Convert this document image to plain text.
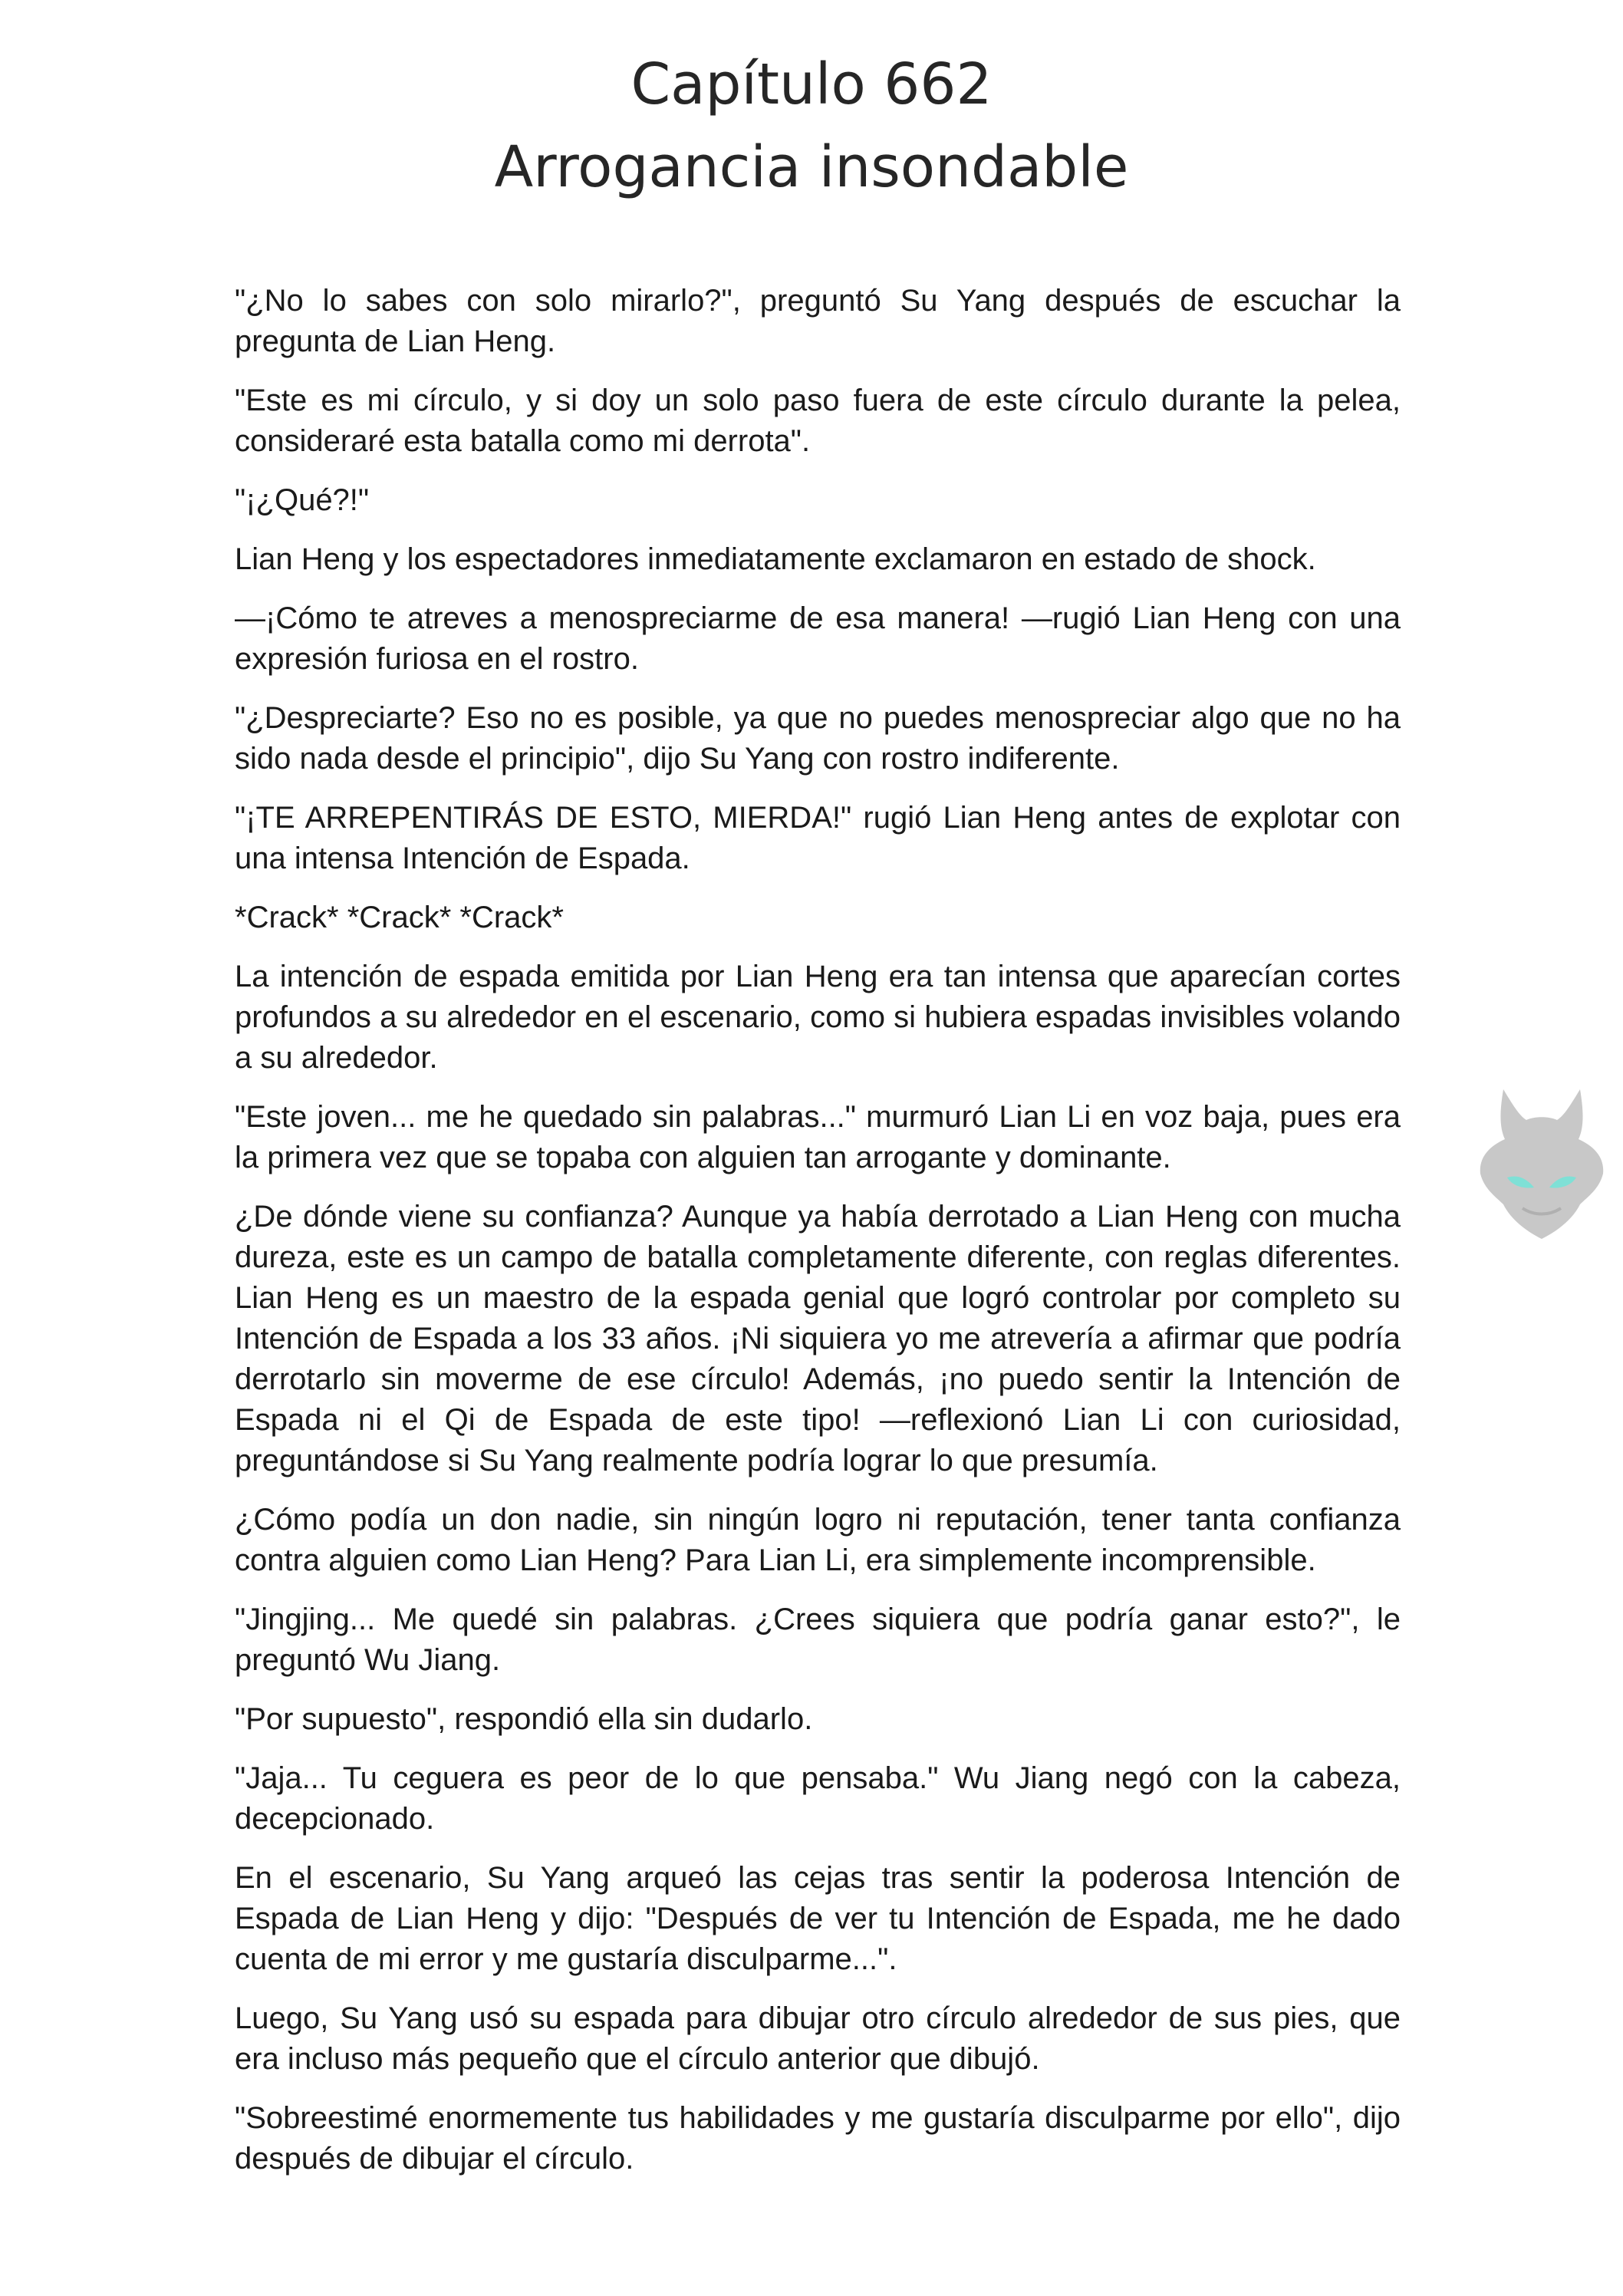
Capítulo 662
Arrogancia insondable

"¿No lo sabes con solo mirarlo?", preguntó Su Yang después de escuchar la pregunta de Lian Heng.

"Este es mi círculo, y si doy un solo paso fuera de este círculo durante la pelea, consideraré esta batalla como mi derrota".

"¡¿Qué?!"

Lian Heng y los espectadores inmediatamente exclamaron en estado de shock.

—¡Cómo te atreves a menospreciarme de esa manera! —rugió Lian Heng con una expresión furiosa en el rostro.

"¿Despreciarte? Eso no es posible, ya que no puedes menospreciar algo que no ha sido nada desde el principio", dijo Su Yang con rostro indiferente.

"¡TE ARREPENTIRÁS DE ESTO, MIERDA!" rugió Lian Heng antes de explotar con una intensa Intención de Espada.

*Crack* *Crack* *Crack*

La intención de espada emitida por Lian Heng era tan intensa que aparecían cortes profundos a su alrededor en el escenario, como si hubiera espadas invisibles volando a su alrededor.

"Este joven... me he quedado sin palabras..." murmuró Lian Li en voz baja, pues era la primera vez que se topaba con alguien tan arrogante y dominante.

¿De dónde viene su confianza? Aunque ya había derrotado a Lian Heng con mucha dureza, este es un campo de batalla completamente diferente, con reglas diferentes. Lian Heng es un maestro de la espada genial que logró controlar por completo su Intención de Espada a los 33 años. ¡Ni siquiera yo me atrevería a afirmar que podría derrotarlo sin moverme de ese círculo! Además, ¡no puedo sentir la Intención de Espada ni el Qi de Espada de este tipo! —reflexionó Lian Li con curiosidad, preguntándose si Su Yang realmente podría lograr lo que presumía.

¿Cómo podía un don nadie, sin ningún logro ni reputación, tener tanta confianza contra alguien como Lian Heng? Para Lian Li, era simplemente incomprensible.

"Jingjing... Me quedé sin palabras. ¿Crees siquiera que podría ganar esto?", le preguntó Wu Jiang.

"Por supuesto", respondió ella sin dudarlo.

"Jaja... Tu ceguera es peor de lo que pensaba." Wu Jiang negó con la cabeza, decepcionado.

En el escenario, Su Yang arqueó las cejas tras sentir la poderosa Intención de Espada de Lian Heng y dijo: "Después de ver tu Intención de Espada, me he dado cuenta de mi error y me gustaría disculparme...".

Luego, Su Yang usó su espada para dibujar otro círculo alrededor de sus pies, que era incluso más pequeño que el círculo anterior que dibujó.

"Sobreestimé enormemente tus habilidades y me gustaría disculparme por ello", dijo después de dibujar el círculo.
